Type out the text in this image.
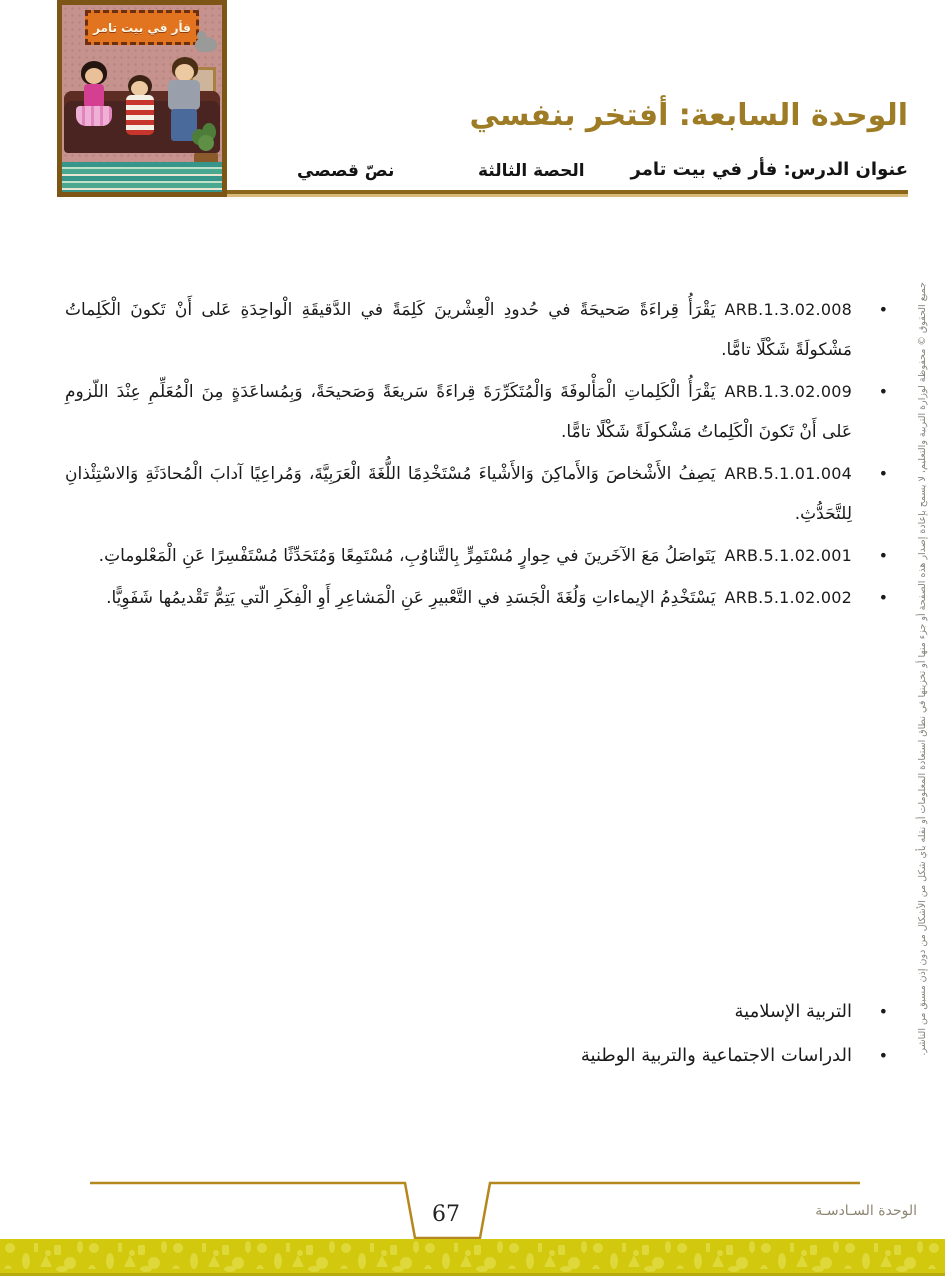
فأر في بيت تامر
الوحدة السابعة: أفتخر بنفسي
عنوان الدرس: فأر في بيت تامر
الحصة الثالثة
نصّ قصصي
•
ARB.1.3.02.008يَقْرَأُ قِراءَةً صَحيحَةً في حُدودِ الْعِشْرينَ كَلِمَةً في الدَّقيقَةِ الْواحِدَةِ عَلى أَنْ تَكونَ الْكَلِماتُ مَشْكولَةً شَكْلًا تامًّا.
•
ARB.1.3.02.009يَقْرَأُ الْكَلِماتِ الْمَأْلوفَةَ وَالْمُتَكَرِّرَةَ قِراءَةً سَريعَةً وَصَحيحَةً، وَبِمُساعَدَةٍ مِنَ الْمُعَلِّمِ عِنْدَ اللّزومِ عَلى أَنْ تَكونَ الْكَلِماتُ مَشْكولَةً شَكْلًا تامًّا.
•
ARB.5.1.01.004يَصِفُ الأَشْخاصَ وَالأَماكِنَ وَالأَشْياءَ مُسْتَخْدِمًا اللُّغَةَ الْعَرَبِيَّةَ، وَمُراعِيًا آدابَ الْمُحادَثَةِ وَالاسْتِئْذانِ لِلتَّحَدُّثِ.
•
ARB.5.1.02.001يَتَواصَلُ مَعَ الآخَرينَ في حِوارٍ مُسْتَمِرٍّ بِالتَّناوُبِ، مُسْتَمِعًا وَمُتَحَدِّثًا مُسْتَفْسِرًا عَنِ الْمَعْلوماتِ.
•
ARB.5.1.02.002يَسْتَخْدِمُ الإيماءاتِ وَلُغَةَ الْجَسَدِ في التَّعْبيرِ عَنِ الْمَشاعِرِ أَوِ الْفِكَرِ الّتي يَتِمُّ تَقْديمُها شَفَوِيًّا.
•
التربية الإسلامية
•
الدراسات الاجتماعية والتربية الوطنية	جميع الحقوق © محفوظة لوزارة التربية والتعليم، لا يسمح بإعادة إصدار هذه الصفحة أو جزء منها أو تخزينها في نطاق استعادة المعلومات أو نقله بأي شكل من الأشكال من دون إذن مسبق من الناشر.
67	الوحدة السـادسـة
